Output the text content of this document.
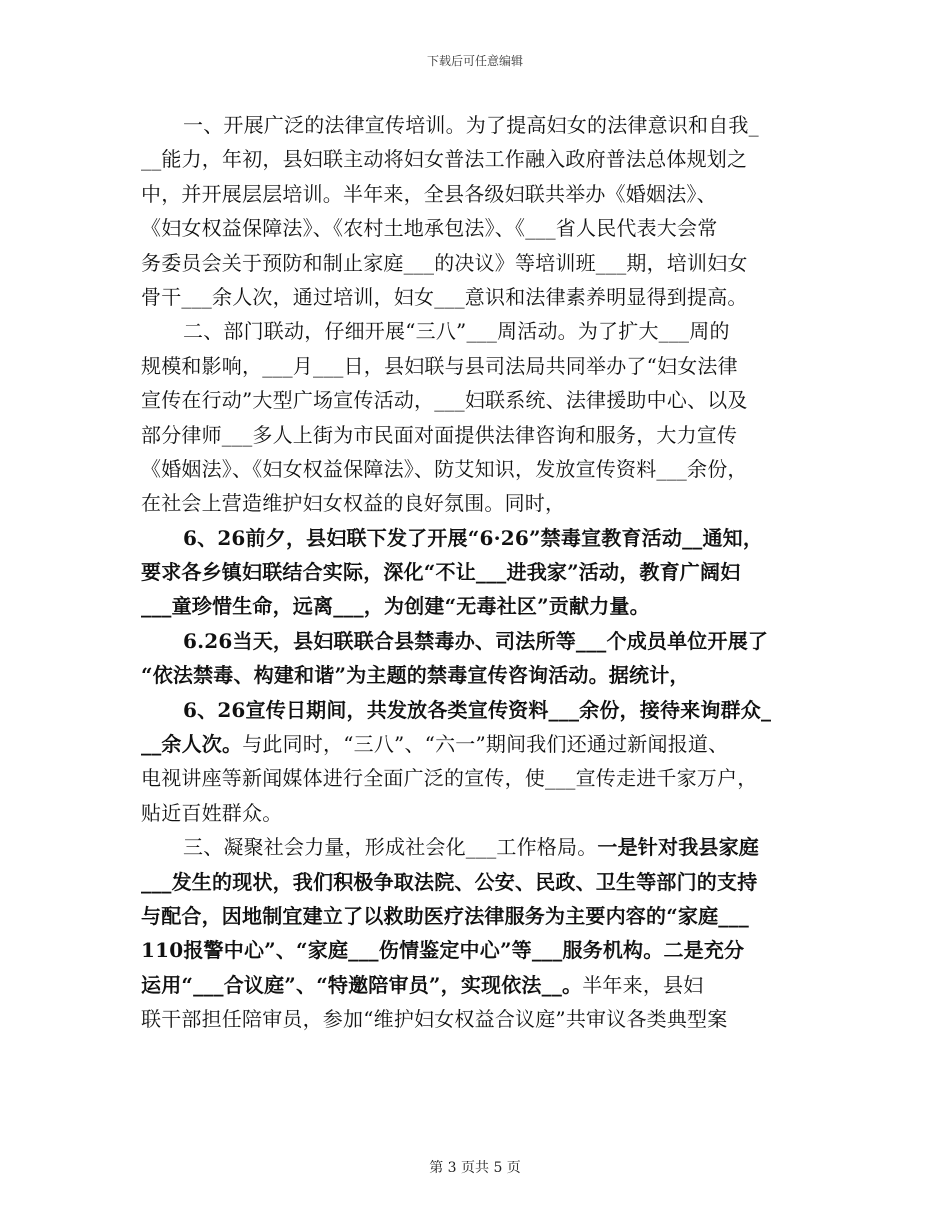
下载后可任意编辑
一、开展广泛的法律宣传培训。为了提高妇女的法律意识和自我_
__能力，年初，县妇联主动将妇女普法工作融入政府普法总体规划之
中，并开展层层培训。半年来，全县各级妇联共举办《婚姻法》、
《妇女权益保障法》、《农村土地承包法》、《___省人民代表大会常
务委员会关于预防和制止家庭___的决议》等培训班___期，培训妇女
骨干___余人次，通过培训，妇女___意识和法律素养明显得到提高。
二、部门联动，仔细开展“三八”___周活动。为了扩大___周的
规模和影响，___月___日，县妇联与县司法局共同举办了“妇女法律
宣传在行动”大型广场宣传活动，___妇联系统、法律援助中心、以及
部分律师___多人上街为市民面对面提供法律咨询和服务，大力宣传
《婚姻法》、《妇女权益保障法》、防艾知识，发放宣传资料___余份，
在社会上营造维护妇女权益的良好氛围。同时，
6、26前夕，县妇联下发了开展“6·26”禁毒宣教育活动__通知，
要求各乡镇妇联结合实际，深化“不让___进我家”活动，教育广阔妇
___童珍惜生命，远离___，为创建“无毒社区”贡献力量。
6.26当天，县妇联联合县禁毒办、司法所等___个成员单位开展了
“依法禁毒、构建和谐”为主题的禁毒宣传咨询活动。据统计，
6、26宣传日期间，共发放各类宣传资料___余份，接待来询群众_
__余人次。与此同时，“三八”、“六一”期间我们还通过新闻报道、
电视讲座等新闻媒体进行全面广泛的宣传，使___宣传走进千家万户，
贴近百姓群众。
三、凝聚社会力量，形成社会化___工作格局。一是针对我县家庭
___发生的现状，我们积极争取法院、公安、民政、卫生等部门的支持
与配合，因地制宜建立了以救助医疗法律服务为主要内容的“家庭___
110报警中心”、“家庭___伤情鉴定中心”等___服务机构。二是充分
运用“___合议庭”、“特邀陪审员”，实现依法__。半年来，县妇
联干部担任陪审员，参加“维护妇女权益合议庭”共审议各类典型案
第 3 页共 5 页
